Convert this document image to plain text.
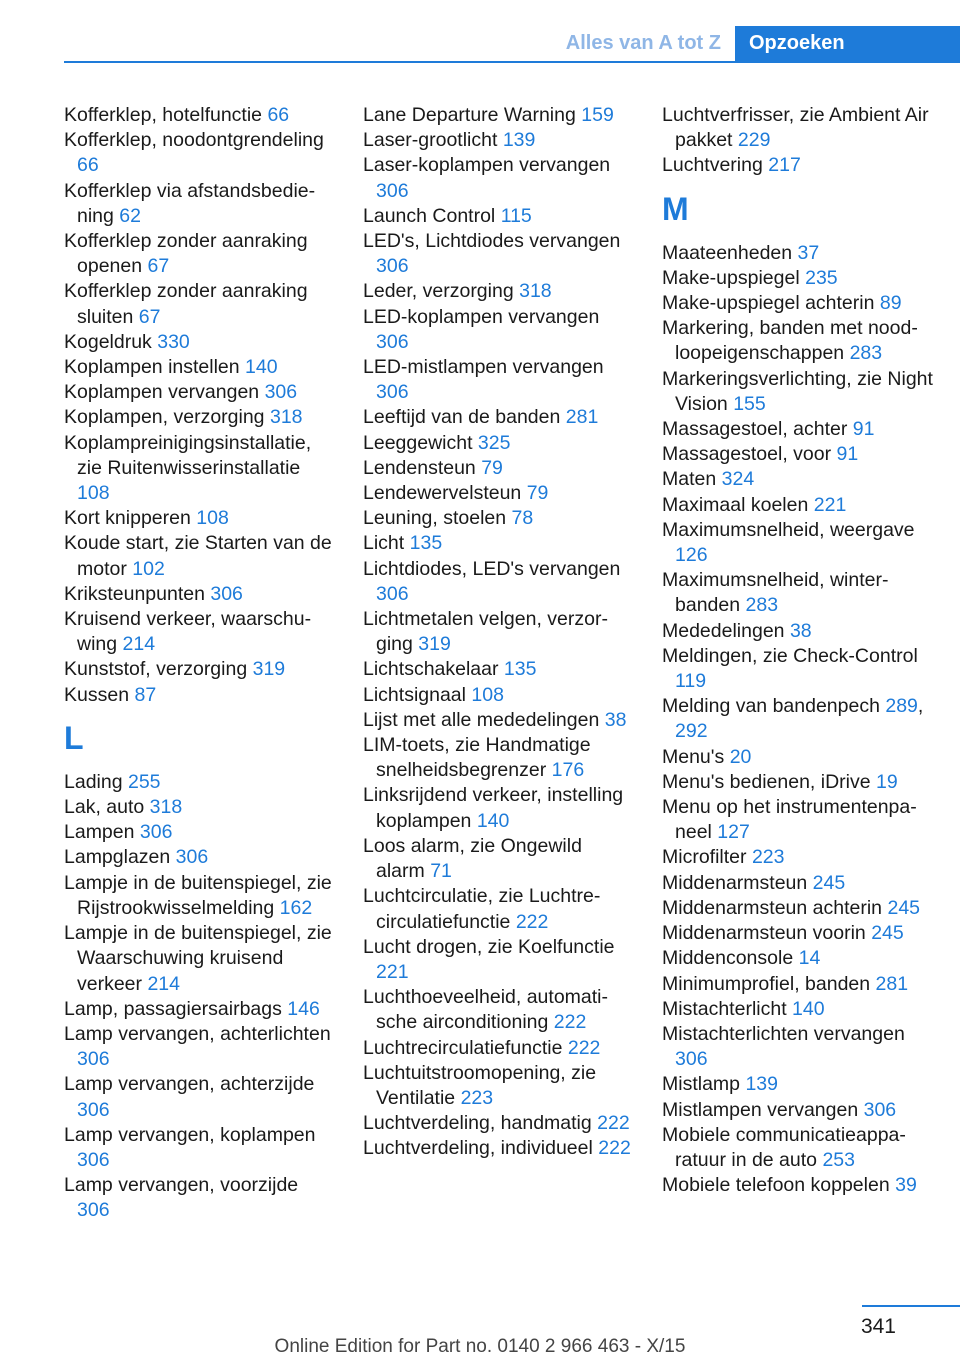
Alles van A tot Z	Opzoeken

Kofferklep, hotelfunctie 66

Kofferklep, noodontgrendeling 66

Kofferklep via afstandsbediening 62

Kofferklep zonder aanraking openen 67

Kofferklep zonder aanraking sluiten 67

Kogeldruk 330

Koplampen instellen 140

Koplampen vervangen 306

Koplampen, verzorging 318

Koplampreinigingsinstallatie, zie Ruitenwisserinstallatie 108

Kort knipperen 108

Koude start, zie Starten van de motor 102

Kriksteunpunten 306

Kruisend verkeer, waarschuwing 214

Kunststof, verzorging 319

Kussen 87

L

Lading 255

Lak, auto 318

Lampen 306

Lampglazen 306

Lampje in de buitenspiegel, zie Rijstrookwisselmelding 162

Lampje in de buitenspiegel, zie Waarschuwing kruisend verkeer 214

Lamp, passagiersairbags 146

Lamp vervangen, achterlichten 306

Lamp vervangen, achterzijde 306

Lamp vervangen, koplampen 306

Lamp vervangen, voorzijde 306

Lane Departure Warning 159

Laser-grootlicht 139

Laser-koplampen vervangen 306

Launch Control 115

LED's, Lichtdiodes vervangen 306

Leder, verzorging 318

LED-koplampen vervangen 306

LED-mistlampen vervangen 306

Leeftijd van de banden 281

Leeggewicht 325

Lendensteun 79

Lendewervelsteun 79

Leuning, stoelen 78

Licht 135

Lichtdiodes, LED's vervangen 306

Lichtmetalen velgen, verzorging 319

Lichtschakelaar 135

Lichtsignaal 108

Lijst met alle mededelingen 38

LIM-toets, zie Handmatige snelheidsbegrenzer 176

Linksrijdend verkeer, instelling koplampen 140

Loos alarm, zie Ongewild alarm 71

Luchtcirculatie, zie Luchtrecirculatiefunctie 222

Lucht drogen, zie Koelfunctie 221

Luchthoeveelheid, automatische airconditioning 222

Luchtrecirculatiefunctie 222

Luchtuitstroomopening, zie Ventilatie 223

Luchtverdeling, handmatig 222

Luchtverdeling, individueel 222

Luchtverfrisser, zie Ambient Air pakket 229

Luchtvering 217

M

Maateenheden 37

Make-upspiegel 235

Make-upspiegel achterin 89

Markering, banden met noodloopeigenschappen 283

Markeringsverlichting, zie Night Vision 155

Massagestoel, achter 91

Massagestoel, voor 91

Maten 324

Maximaal koelen 221

Maximumsnelheid, weergave 126

Maximumsnelheid, winterbanden 283

Mededelingen 38

Meldingen, zie Check-Control 119

Melding van bandenpech 289, 292

Menu's 20

Menu's bedienen, iDrive 19

Menu op het instrumentenpaneel 127

Microfilter 223

Middenarmsteun 245

Middenarmsteun achterin 245

Middenarmsteun voorin 245

Middenconsole 14

Minimumprofiel, banden 281

Mistachterlicht 140

Mistachterlichten vervangen 306

Mistlamp 139

Mistlampen vervangen 306

Mobiele communicatieapparatuur in de auto 253

Mobiele telefoon koppelen 39

341
Online Edition for Part no. 0140 2 966 463 - X/15
